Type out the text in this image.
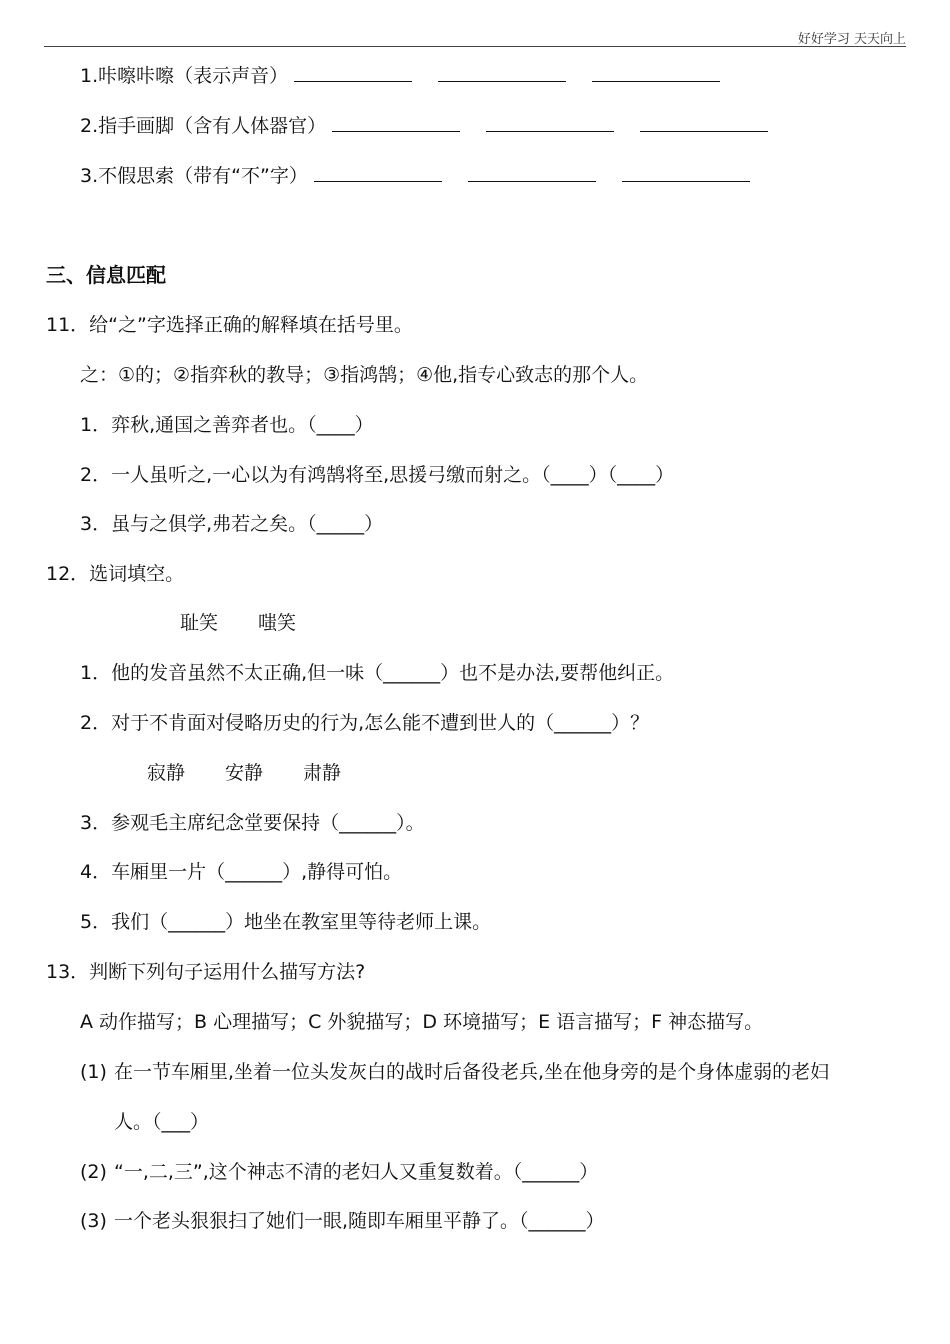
好好学习 天天向上
1.咔嚓咔嚓（表示声音）
2.指手画脚（含有人体器官）
3.不假思索（带有“不”字）
三、信息匹配
11．给“之”字选择正确的解释填在括号里。
之：①的；②指弈秋的教导；③指鸿鹄；④他,指专心致志的那个人。
1．弈秋,通国之善弈者也。（____）
2．一人虽听之,一心以为有鸿鹄将至,思援弓缴而射之。（____）（____）
3．虽与之俱学,弗若之矣。（_____）
12．选词填空。
耻笑 嗤笑
1．他的发音虽然不太正确,但一味（______）也不是办法,要帮他纠正。
2．对于不肯面对侵略历史的行为,怎么能不遭到世人的（______）？
寂静 安静 肃静
3．参观毛主席纪念堂要保持（______）。
4．车厢里一片（______）,静得可怕。
5．我们（______）地坐在教室里等待老师上课。
13．判断下列句子运用什么描写方法?
A 动作描写；B 心理描写；C 外貌描写；D 环境描写；E 语言描写；F 神态描写。
(1) 在一节车厢里,坐着一位头发灰白的战时后备役老兵,坐在他身旁的是个身体虚弱的老妇
人。（___）
(2) “一,二,三”,这个神志不清的老妇人又重复数着。（______）
(3) 一个老头狠狠扫了她们一眼,随即车厢里平静了。（______）
